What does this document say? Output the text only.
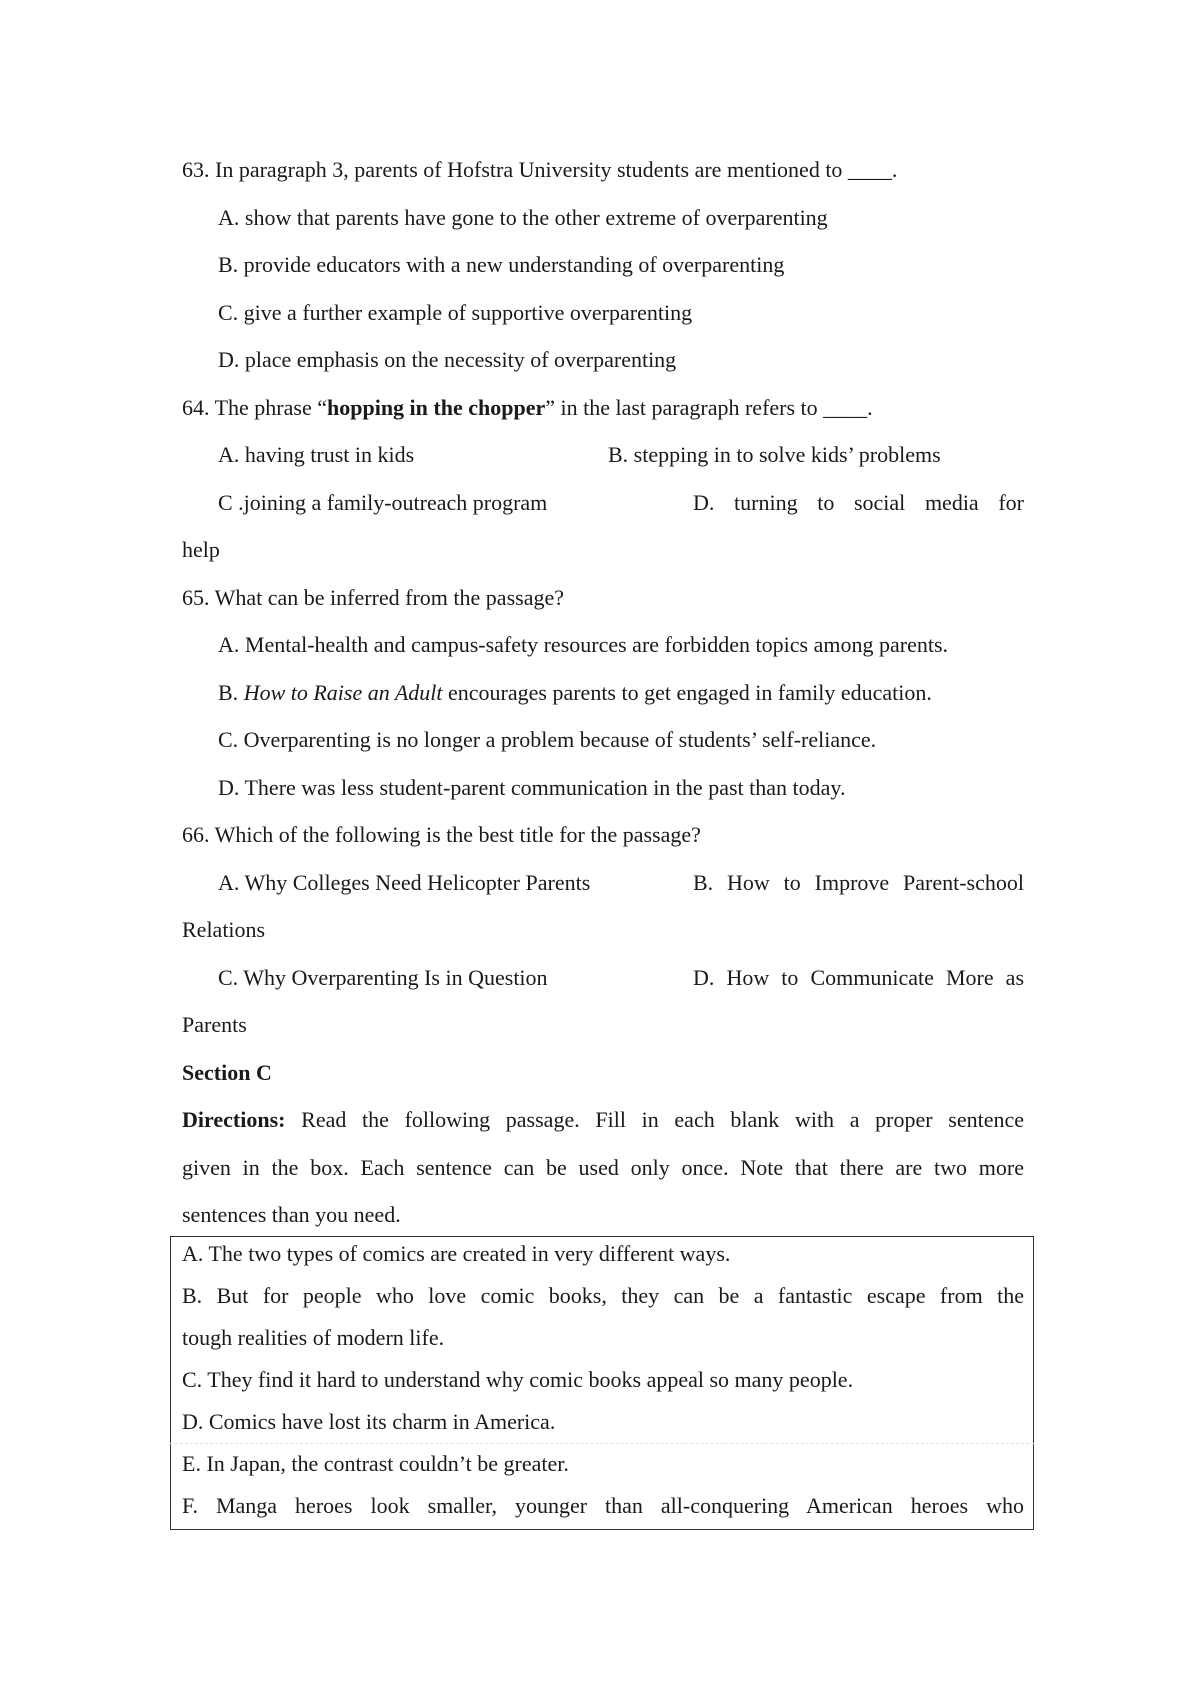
63. In paragraph 3, parents of Hofstra University students are mentioned to ____.
A. show that parents have gone to the other extreme of overparenting
B. provide educators with a new understanding of overparenting
C. give a further example of supportive overparenting
D. place emphasis on the necessity of overparenting
64. The phrase “hopping in the chopper” in the last paragraph refers to ____.
A. having trust in kids	B. stepping in to solve kids’ problems
C .joining a family-outreach program	D. turning to social media for
help
65. What can be inferred from the passage?
A. Mental-health and campus-safety resources are forbidden topics among parents.
B. How to Raise an Adult encourages parents to get engaged in family education.
C. Overparenting is no longer a problem because of students’ self-reliance.
D. There was less student-parent communication in the past than today.
66. Which of the following is the best title for the passage?
A. Why Colleges Need Helicopter Parents	B. How to Improve Parent-school
Relations
C. Why Overparenting Is in Question	D. How to Communicate More as
Parents
Section C
Directions: Read the following passage. Fill in each blank with a proper sentence
given in the box. Each sentence can be used only once. Note that there are two more
sentences than you need.
A. The two types of comics are created in very different ways.
B. But for people who love comic books, they can be a fantastic escape from the
tough realities of modern life.
C. They find it hard to understand why comic books appeal so many people.
D. Comics have lost its charm in America.
E. In Japan, the contrast couldn’t be greater.
F. Manga heroes look smaller, younger than all-conquering American heroes who
